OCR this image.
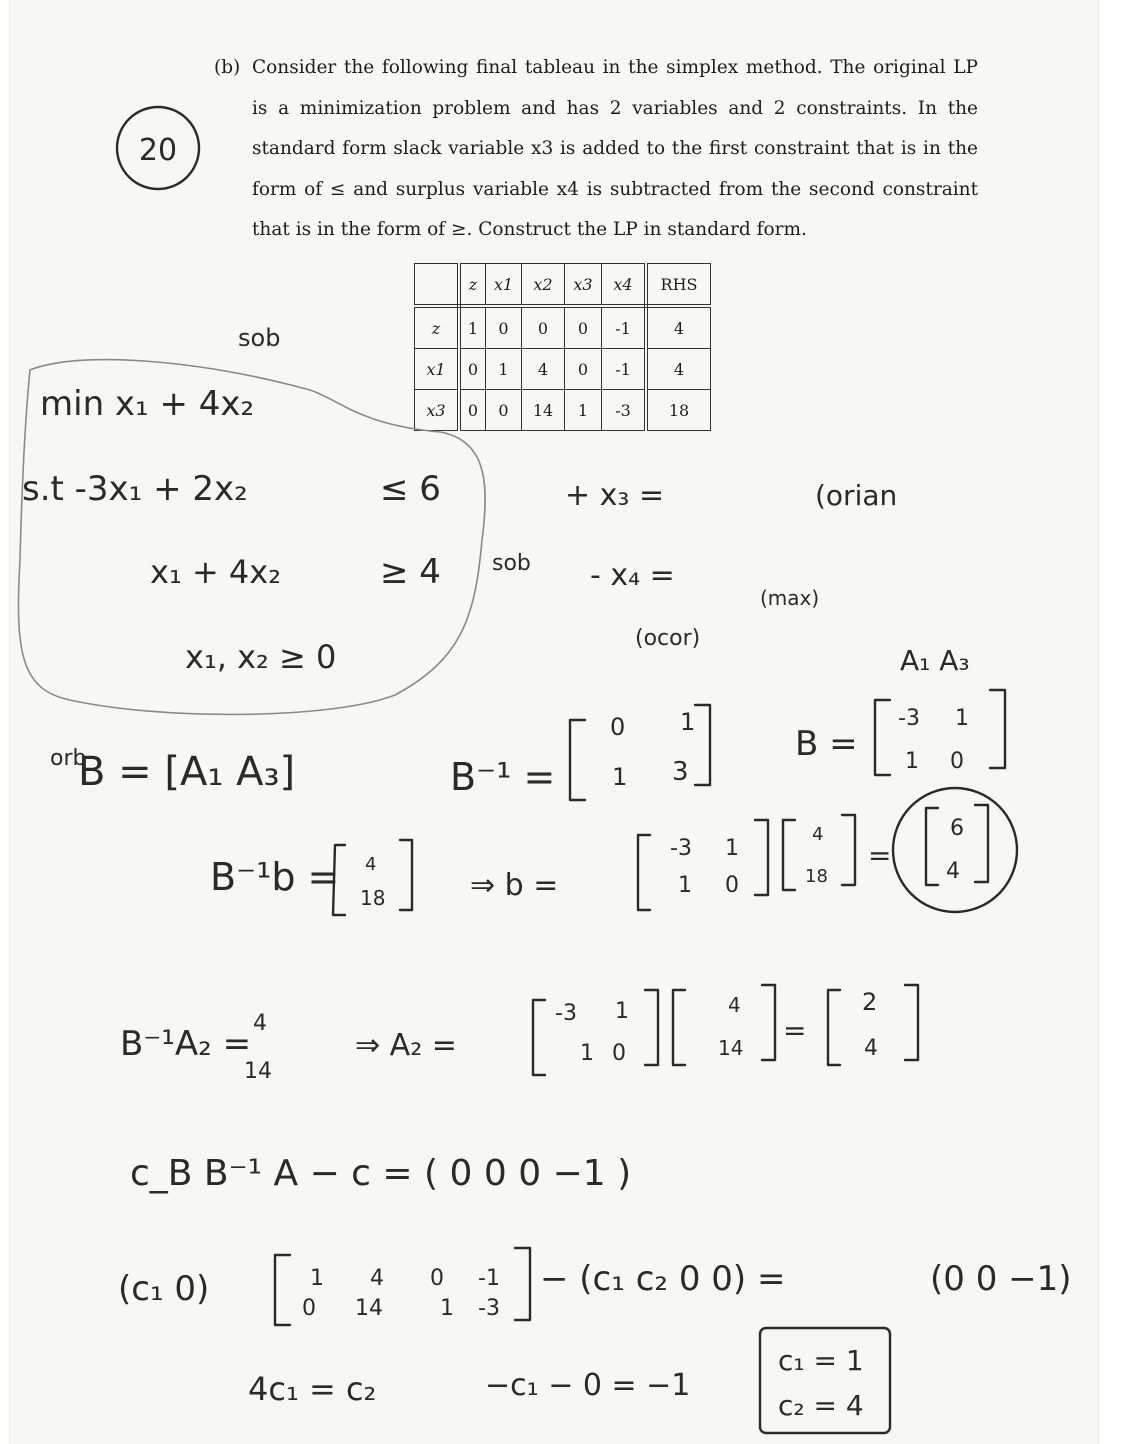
(b) Consider the following final tableau in the simplex method. The original LP is a minimization problem and has 2 variables and 2 constraints. In the standard form slack variable x3 is added to the first constraint that is in the form of ≤ and surplus variable x4 is subtracted from the second constraint that is in the form of ≥. Construct the LP in standard form.
	z	x1	x2	x3	x4	RHS
z	1	0	0	0	-1	4
x1	0	1	4	0	-1	4
x3	0	0	14	1	-3	18
20
sob
min x₁ + 4x₂
s.t -3x₁ + 2x₂	≤ 6
x₁ + 4x₂	≥ 4
x₁, x₂ ≥ 0
+ x₃ =
sob - x₄ =
(ocor)
(orian
(max)
A₁ A₃
orb
B = [A₁ A₃]	B⁻¹ =
0 1
1 3
B =
-3 1
1 0
B⁻¹b = 4
18	⇒ b =
-3 1
1 0
4
18
=
6
4
B⁻¹A₂ =
4
14
⇒ A₂ =
-3 1
1 0
4
14
=
2
4
c_B B⁻¹ A − c = ( 0 0 0 −1 )
(c₁ 0)	1 4 0 -1
0 14	1 -3
− (c₁ c₂ 0 0) =	(0 0 −1)
4c₁ = c₂	−c₁ − 0 = −1
c₁ = 1
c₂ = 4
